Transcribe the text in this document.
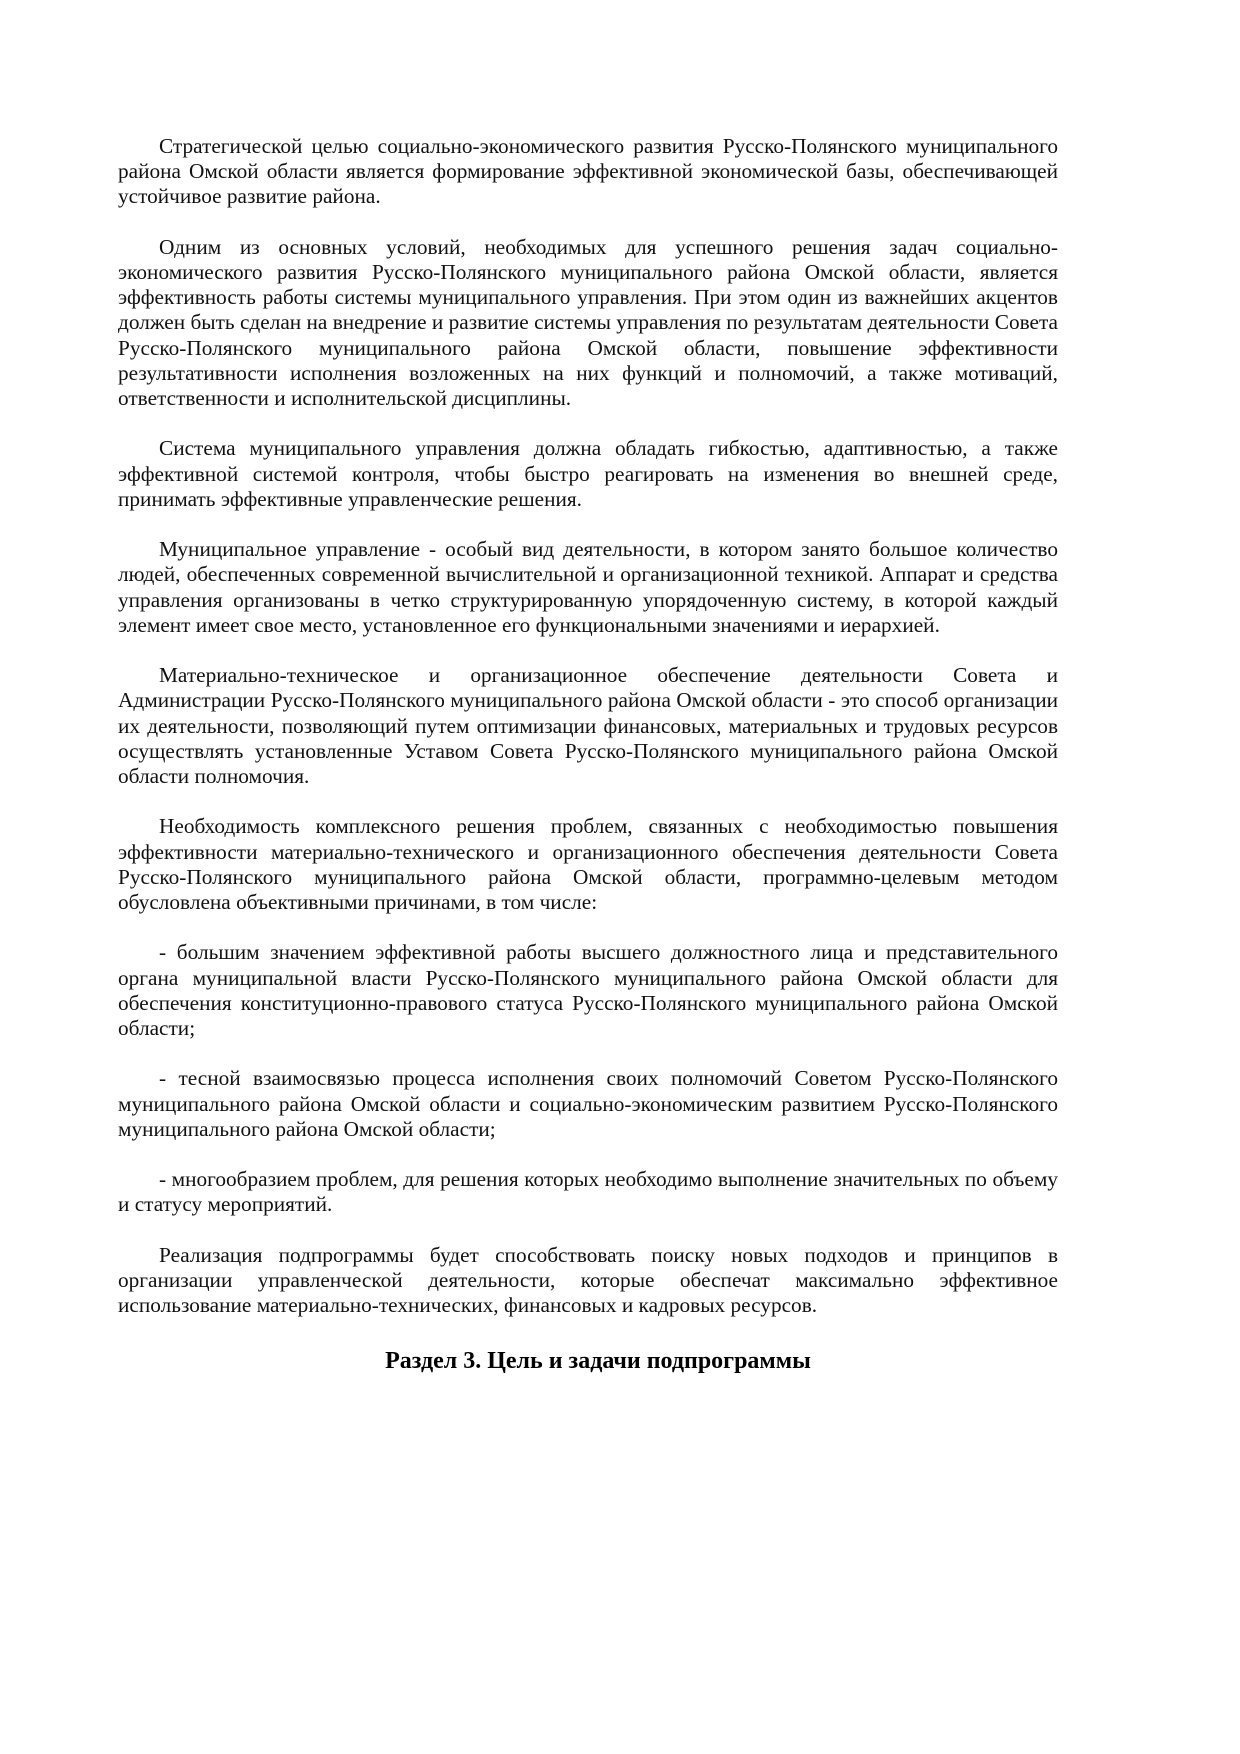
Стратегической целью социально-экономического развития Русско-Полянского муниципального района Омской области является формирование эффективной экономической базы, обеспечивающей устойчивое развитие района.

Одним из основных условий, необходимых для успешного решения задач социально-экономического развития Русско-Полянского муниципального района Омской области, является эффективность работы системы муниципального управления. При этом один из важнейших акцентов должен быть сделан на внедрение и развитие системы управления по результатам деятельности Совета Русско-Полянского муниципального района Омской области, повышение эффективности результативности исполнения возложенных на них функций и полномочий, а также мотиваций, ответственности и исполнительской дисциплины.

Система муниципального управления должна обладать гибкостью, адаптивностью, а также эффективной системой контроля, чтобы быстро реагировать на изменения во внешней среде, принимать эффективные управленческие решения.

Муниципальное управление - особый вид деятельности, в котором занято большое количество людей, обеспеченных современной вычислительной и организационной техникой. Аппарат и средства управления организованы в четко структурированную упорядоченную систему, в которой каждый элемент имеет свое место, установленное его функциональными значениями и иерархией.

Материально-техническое и организационное обеспечение деятельности Совета и Администрации Русско-Полянского муниципального района Омской области - это способ организации их деятельности, позволяющий путем оптимизации финансовых, материальных и трудовых ресурсов осуществлять установленные Уставом Совета Русско-Полянского муниципального района Омской области полномочия.

Необходимость комплексного решения проблем, связанных с необходимостью повышения эффективности материально-технического и организационного обеспечения деятельности Совета Русско-Полянского муниципального района Омской области, программно-целевым методом обусловлена объективными причинами, в том числе:

- большим значением эффективной работы высшего должностного лица и представительного органа муниципальной власти Русско-Полянского муниципального района Омской области для обеспечения конституционно-правового статуса Русско-Полянского муниципального района Омской области;

- тесной взаимосвязью процесса исполнения своих полномочий Советом Русско-Полянского муниципального района Омской области и социально-экономическим развитием Русско-Полянского муниципального района Омской области;

- многообразием проблем, для решения которых необходимо выполнение значительных по объему и статусу мероприятий.

Реализация подпрограммы будет способствовать поиску новых подходов и принципов в организации управленческой деятельности, которые обеспечат максимально эффективное использование материально-технических, финансовых и кадровых ресурсов.

Раздел 3. Цель и задачи подпрограммы
